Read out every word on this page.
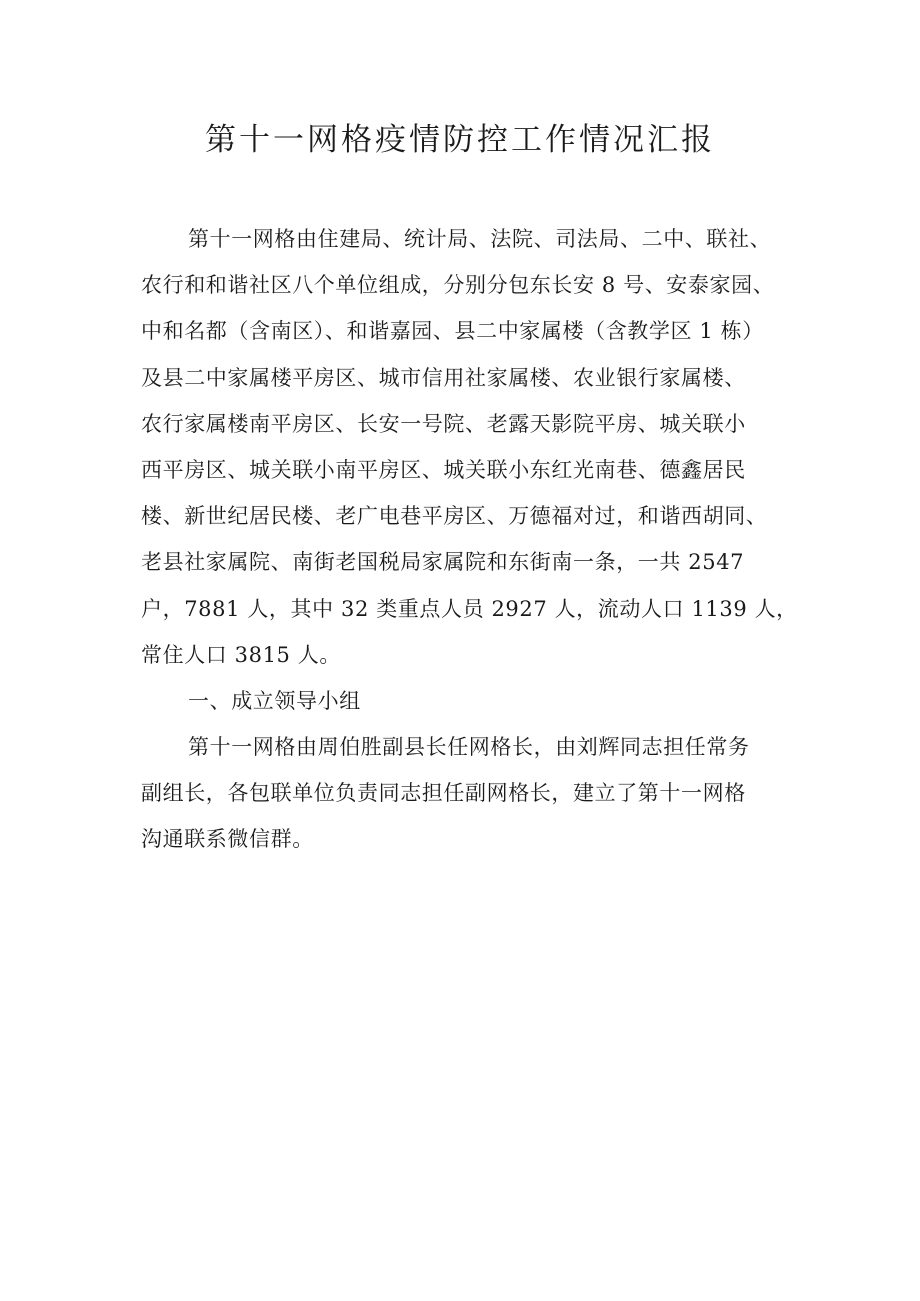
第十一网格疫情防控工作情况汇报

第十一网格由住建局、统计局、法院、司法局、二中、联社、

农行和和谐社区八个单位组成，分别分包东长安 8 号、安泰家园、

中和名都（含南区）、和谐嘉园、县二中家属楼（含教学区 1 栋）

及县二中家属楼平房区、城市信用社家属楼、农业银行家属楼、

农行家属楼南平房区、长安一号院、老露天影院平房、城关联小

西平房区、城关联小南平房区、城关联小东红光南巷、德鑫居民

楼、新世纪居民楼、老广电巷平房区、万德福对过，和谐西胡同、

老县社家属院、南街老国税局家属院和东街南一条，一共 2547

户，7881 人，其中 32 类重点人员 2927 人，流动人口 1139 人，

常住人口 3815 人。

一、成立领导小组

第十一网格由周伯胜副县长任网格长，由刘辉同志担任常务

副组长，各包联单位负责同志担任副网格长，建立了第十一网格

沟通联系微信群。
